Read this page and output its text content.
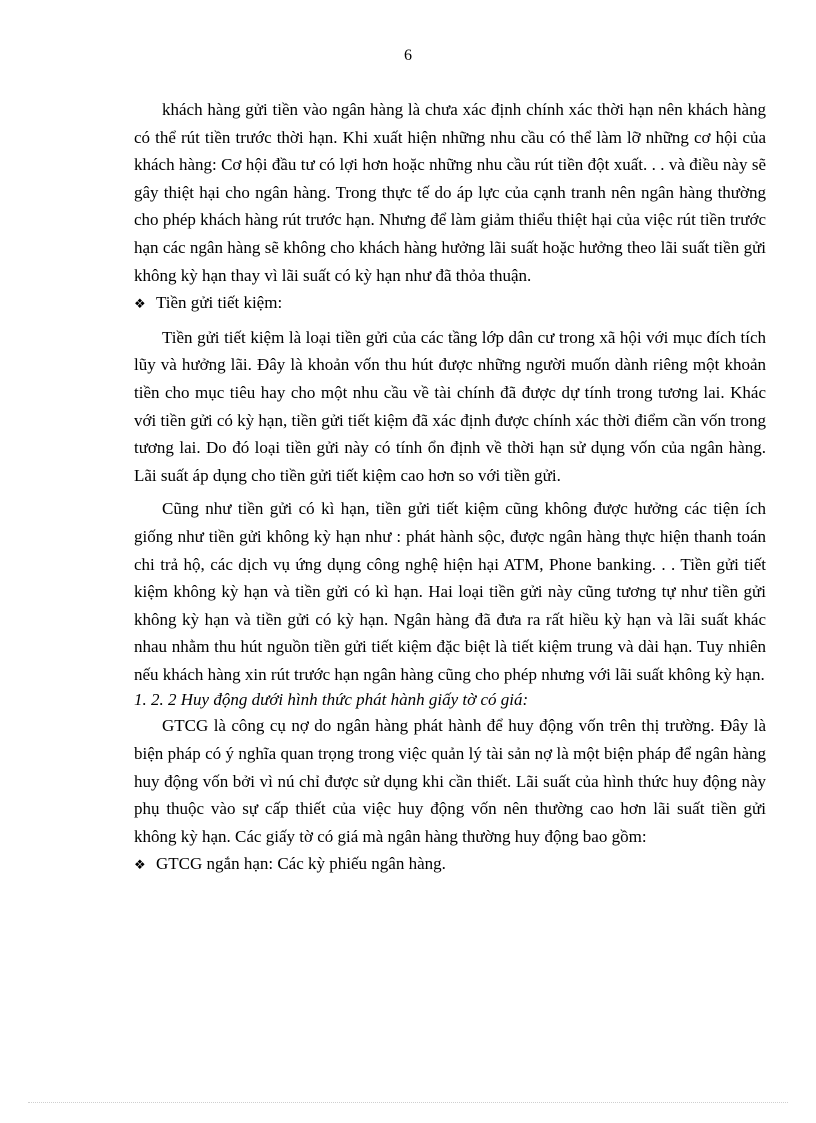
6

khách hàng gửi tiền vào ngân hàng là chưa xác định chính xác thời hạn nên khách hàng có thể rút tiền trước thời hạn. Khi xuất hiện những nhu cầu có thể làm lỡ những cơ hội của khách hàng: Cơ hội đầu tư có lợi hơn hoặc những nhu cầu rút tiền đột xuất. . . và điều này sẽ gây thiệt hại cho ngân hàng. Trong thực tế do áp lực của cạnh tranh nên ngân hàng thường cho phép khách hàng rút trước hạn. Nhưng để làm giảm thiểu thiệt hại của việc rút tiền trước hạn các ngân hàng sẽ không cho khách hàng hưởng lãi suất hoặc hưởng theo lãi suất tiền gửi không kỳ hạn thay vì lãi suất có kỳ hạn như đã thỏa thuận.

❖ Tiền gửi tiết kiệm:

Tiền gửi tiết kiệm là loại tiền gửi của các tầng lớp dân cư trong xã hội với mục đích tích lũy và hưởng lãi. Đây là khoản vốn thu hút được những người muốn dành riêng một khoản tiền cho mục tiêu hay cho một nhu cầu về tài chính đã được dự tính trong tương lai. Khác với tiền gửi có kỳ hạn, tiền gửi tiết kiệm đã xác định được chính xác thời điểm cần vốn trong tương lai. Do đó loại tiền gửi này có tính ổn định về thời hạn sử dụng vốn của ngân hàng. Lãi suất áp dụng cho tiền gửi tiết kiệm cao hơn so với tiền gửi.

Cũng như tiền gửi có kì hạn, tiền gửi tiết kiệm cũng không được hưởng các tiện ích giống như tiền gửi không kỳ hạn như : phát hành sộc, được ngân hàng thực hiện thanh toán chi trả hộ, các dịch vụ ứng dụng công nghệ hiện hại ATM, Phone banking. . . Tiền gửi tiết kiệm không kỳ hạn và tiền gửi có kì hạn. Hai loại tiền gửi này cũng tương tự như tiền gửi không kỳ hạn và tiền gửi có kỳ hạn. Ngân hàng đã đưa ra rất hiều kỳ hạn và lãi suất khác nhau nhằm thu hút nguồn tiền gửi tiết kiệm đặc biệt là tiết kiệm trung và dài hạn. Tuy nhiên nếu khách hàng xin rút trước hạn ngân hàng cũng cho phép nhưng với lãi suất không kỳ hạn.

1. 2. 2 Huy động dưới hình thức phát hành giấy tờ có giá:

GTCG là công cụ nợ do ngân hàng phát hành để huy động vốn trên thị trường. Đây là biện pháp có ý nghĩa quan trọng trong việc quản lý tài sản nợ là một biện pháp để ngân hàng huy động vốn bởi vì nú chỉ được sử dụng khi cần thiết. Lãi suất của hình thức huy động này phụ thuộc vào sự cấp thiết của việc huy động vốn nên thường cao hơn lãi suất tiền gửi không kỳ hạn. Các giấy tờ có giá mà ngân hàng thường huy động bao gồm:

❖ GTCG ngắn hạn: Các kỳ phiếu ngân hàng.
